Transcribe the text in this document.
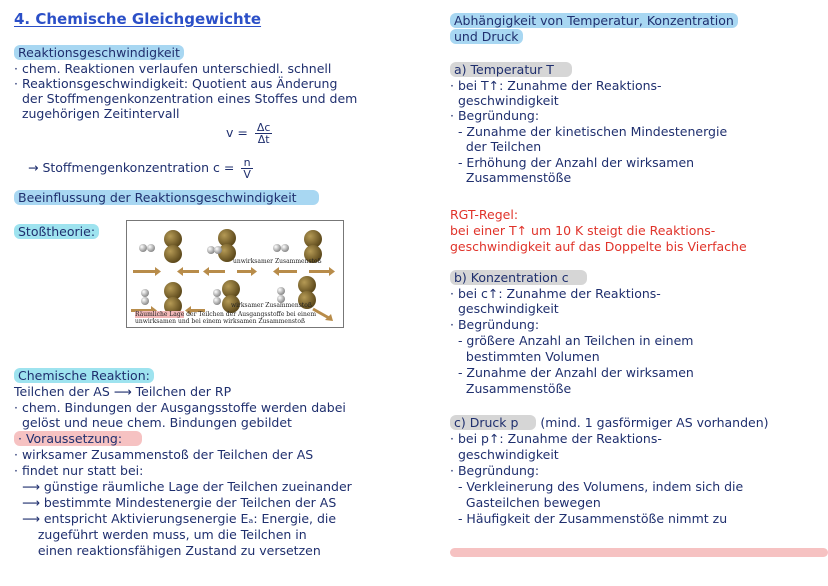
4. Chemische Gleichgewichte
Reaktionsgeschwindigkeit
· chem. Reaktionen verlaufen unterschiedl. schnell
· Reaktionsgeschwindigkeit: Quotient aus Änderung
der Stoffmengenkonzentration eines Stoffes und dem
zugehörigen Zeitintervall
$v = \frac{\Delta c}{\Delta t}$
→ Stoffmengenkonzentration $c = \frac{n}{V}$
Beeinflussung der Reaktionsgeschwindigkeit
Stoßtheorie:
Chemische Reaktion:
Teilchen der AS ⟶ Teilchen der RP
· chem. Bindungen der Ausgangsstoffe werden dabei
gelöst und neue chem. Bindungen gebildet
· Voraussetzung:
· wirksamer Zusammenstoß der Teilchen der AS
· findet nur statt bei:
⟶ günstige räumliche Lage der Teilchen zueinander
⟶ bestimmte Mindestenergie der Teilchen der AS
⟶ entspricht Aktivierungsenergie Eₐ: Energie, die
zugeführt werden muss, um die Teilchen in
einen reaktionsfähigen Zustand zu versetzen
unwirksamer Zusammenstoß
wirksamer Zusammenstoß
Räumliche Lage der Teilchen der Ausgangsstoffe bei einem
unwirksamen und bei einem wirksamen Zusammenstoß
Abhängigkeit von Temperatur, Konzentration
und Druck
a) Temperatur T
· bei T↑: Zunahme der Reaktions-
geschwindigkeit
· Begründung:
- Zunahme der kinetischen Mindestenergie
der Teilchen
- Erhöhung der Anzahl der wirksamen
Zusammenstöße
RGT-Regel:
bei einer T↑ um 10 K steigt die Reaktions-
geschwindigkeit auf das Doppelte bis Vierfache
b) Konzentration c
· bei c↑: Zunahme der Reaktions-
geschwindigkeit
· Begründung:
- größere Anzahl an Teilchen in einem
bestimmten Volumen
- Zunahme der Anzahl der wirksamen
Zusammenstöße
c) Druck p (mind. 1 gasförmiger AS vorhanden)
· bei p↑: Zunahme der Reaktions-
geschwindigkeit
· Begründung:
- Verkleinerung des Volumens, indem sich die
Gasteilchen bewegen
- Häufigkeit der Zusammenstöße nimmt zu
